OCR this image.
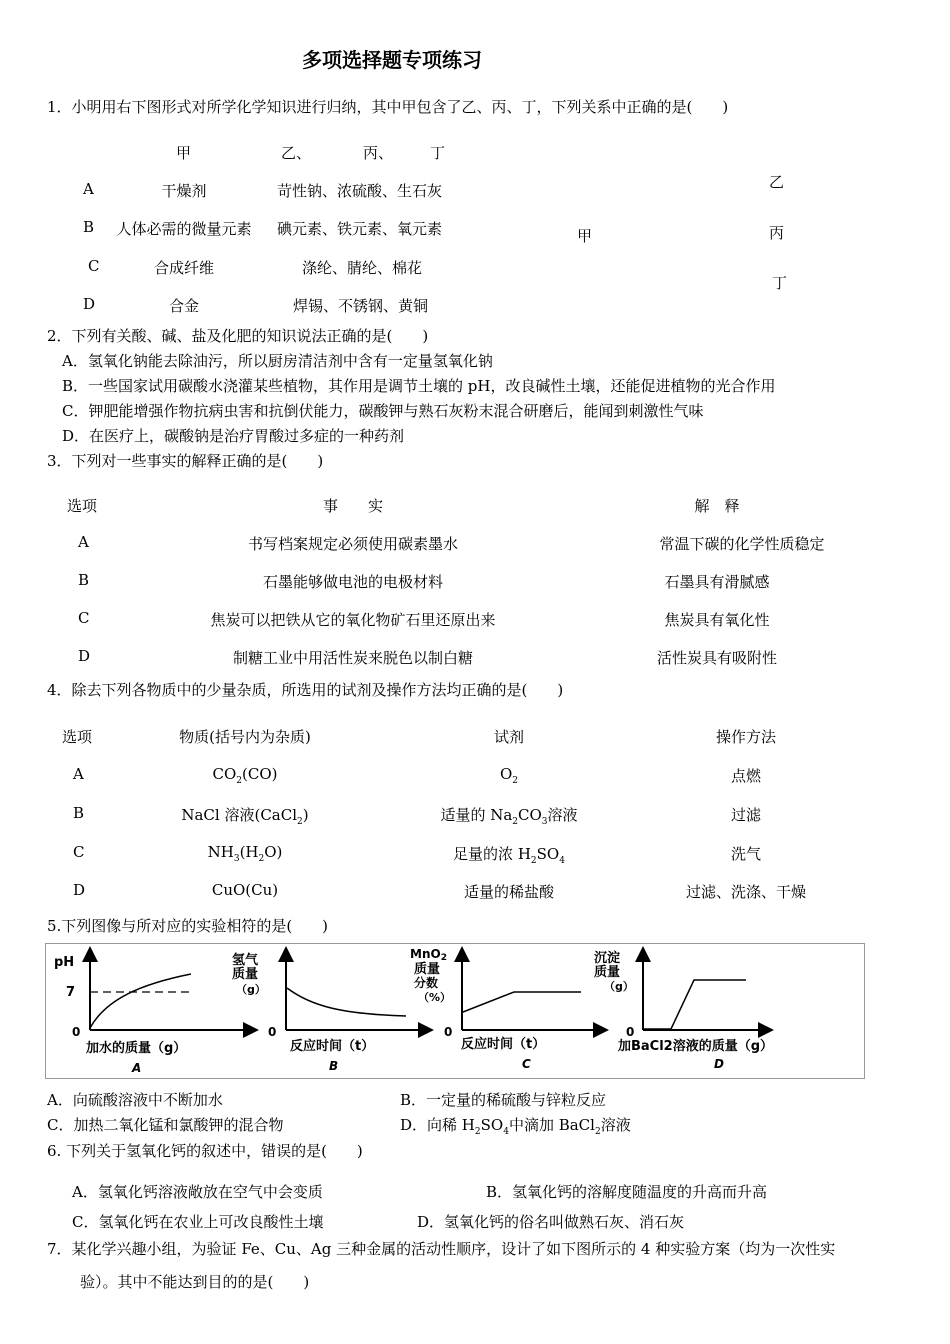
多项选择题专项练习
1．小明用右下图形式对所学化学知识进行归纳，其中甲包含了乙、丙、丁，下列关系中正确的是(　　)
甲	乙、	丙、 丁
A	干燥剂	苛性钠、浓硫酸、生石灰
B 人体必需的微量元素 碘元素、铁元素、氧元素
C	合成纤维	涤纶、腈纶、棉花
D	合金	焊锡、不锈钢、黄铜
甲
乙
丙
丁
2．下列有关酸、碱、盐及化肥的知识说法正确的是(　　)
A．氢氧化钠能去除油污，所以厨房清洁剂中含有一定量氢氧化钠
B．一些国家试用碳酸水浇灌某些植物，其作用是调节土壤的 pH，改良碱性土壤，还能促进植物的光合作用
C．钾肥能增强作物抗病虫害和抗倒伏能力，碳酸钾与熟石灰粉末混合研磨后，能闻到刺激性气味
D．在医疗上，碳酸钠是治疗胃酸过多症的一种药剂
3．下列对一些事实的解释正确的是(　　)
选项	事　　实	解　释
A	书写档案规定必须使用碳素墨水	常温下碳的化学性质稳定
B	石墨能够做电池的电极材料	石墨具有滑腻感
C	焦炭可以把铁从它的氧化物矿石里还原出来	焦炭具有氧化性
D	制糖工业中用活性炭来脱色以制白糖	活性炭具有吸附性
4．除去下列各物质中的少量杂质，所选用的试剂及操作方法均正确的是(　　)
选项	物质(括号内为杂质)	试剂	操作方法
A	$CO_2(CO)$	$O_2$	点燃
B	NaCl 溶液(CaCl$_2$)	适量的 $Na_2CO_3$溶液	过滤
C	$NH_3(H_2O)$	足量的浓 $H_2SO_4$	洗气
D	CuO(Cu)	适量的稀盐酸	过滤、洗涤、干燥
5.下列图像与所对应的实验相符的是(　　)
pH
7
0
加水的质量（g）
A
氢气
质量
（g）
0
反应时间（t）
B
MnO2
质量
分数
（%）
0
反应时间（t）
C
沉淀
质量
（g）
0
加BaCl2溶液的质量（g）
D
A．向硫酸溶液中不断加水	B．一定量的稀硫酸与锌粒反应
C．加热二氧化锰和氯酸钾的混合物	D．向稀 $H_2SO_4$中滴加 BaCl$_2$溶液
6. 下列关于氢氧化钙的叙述中，错误的是(　　)
A．氢氧化钙溶液敞放在空气中会变质	B．氢氧化钙的溶解度随温度的升高而升高
C．氢氧化钙在农业上可改良酸性土壤	D．氢氧化钙的俗名叫做熟石灰、消石灰
7．某化学兴趣小组，为验证 Fe、Cu、Ag 三种金属的活动性顺序，设计了如下图所示的 4 种实验方案（均为一次性实
验）。其中不能达到目的的是(　　)
